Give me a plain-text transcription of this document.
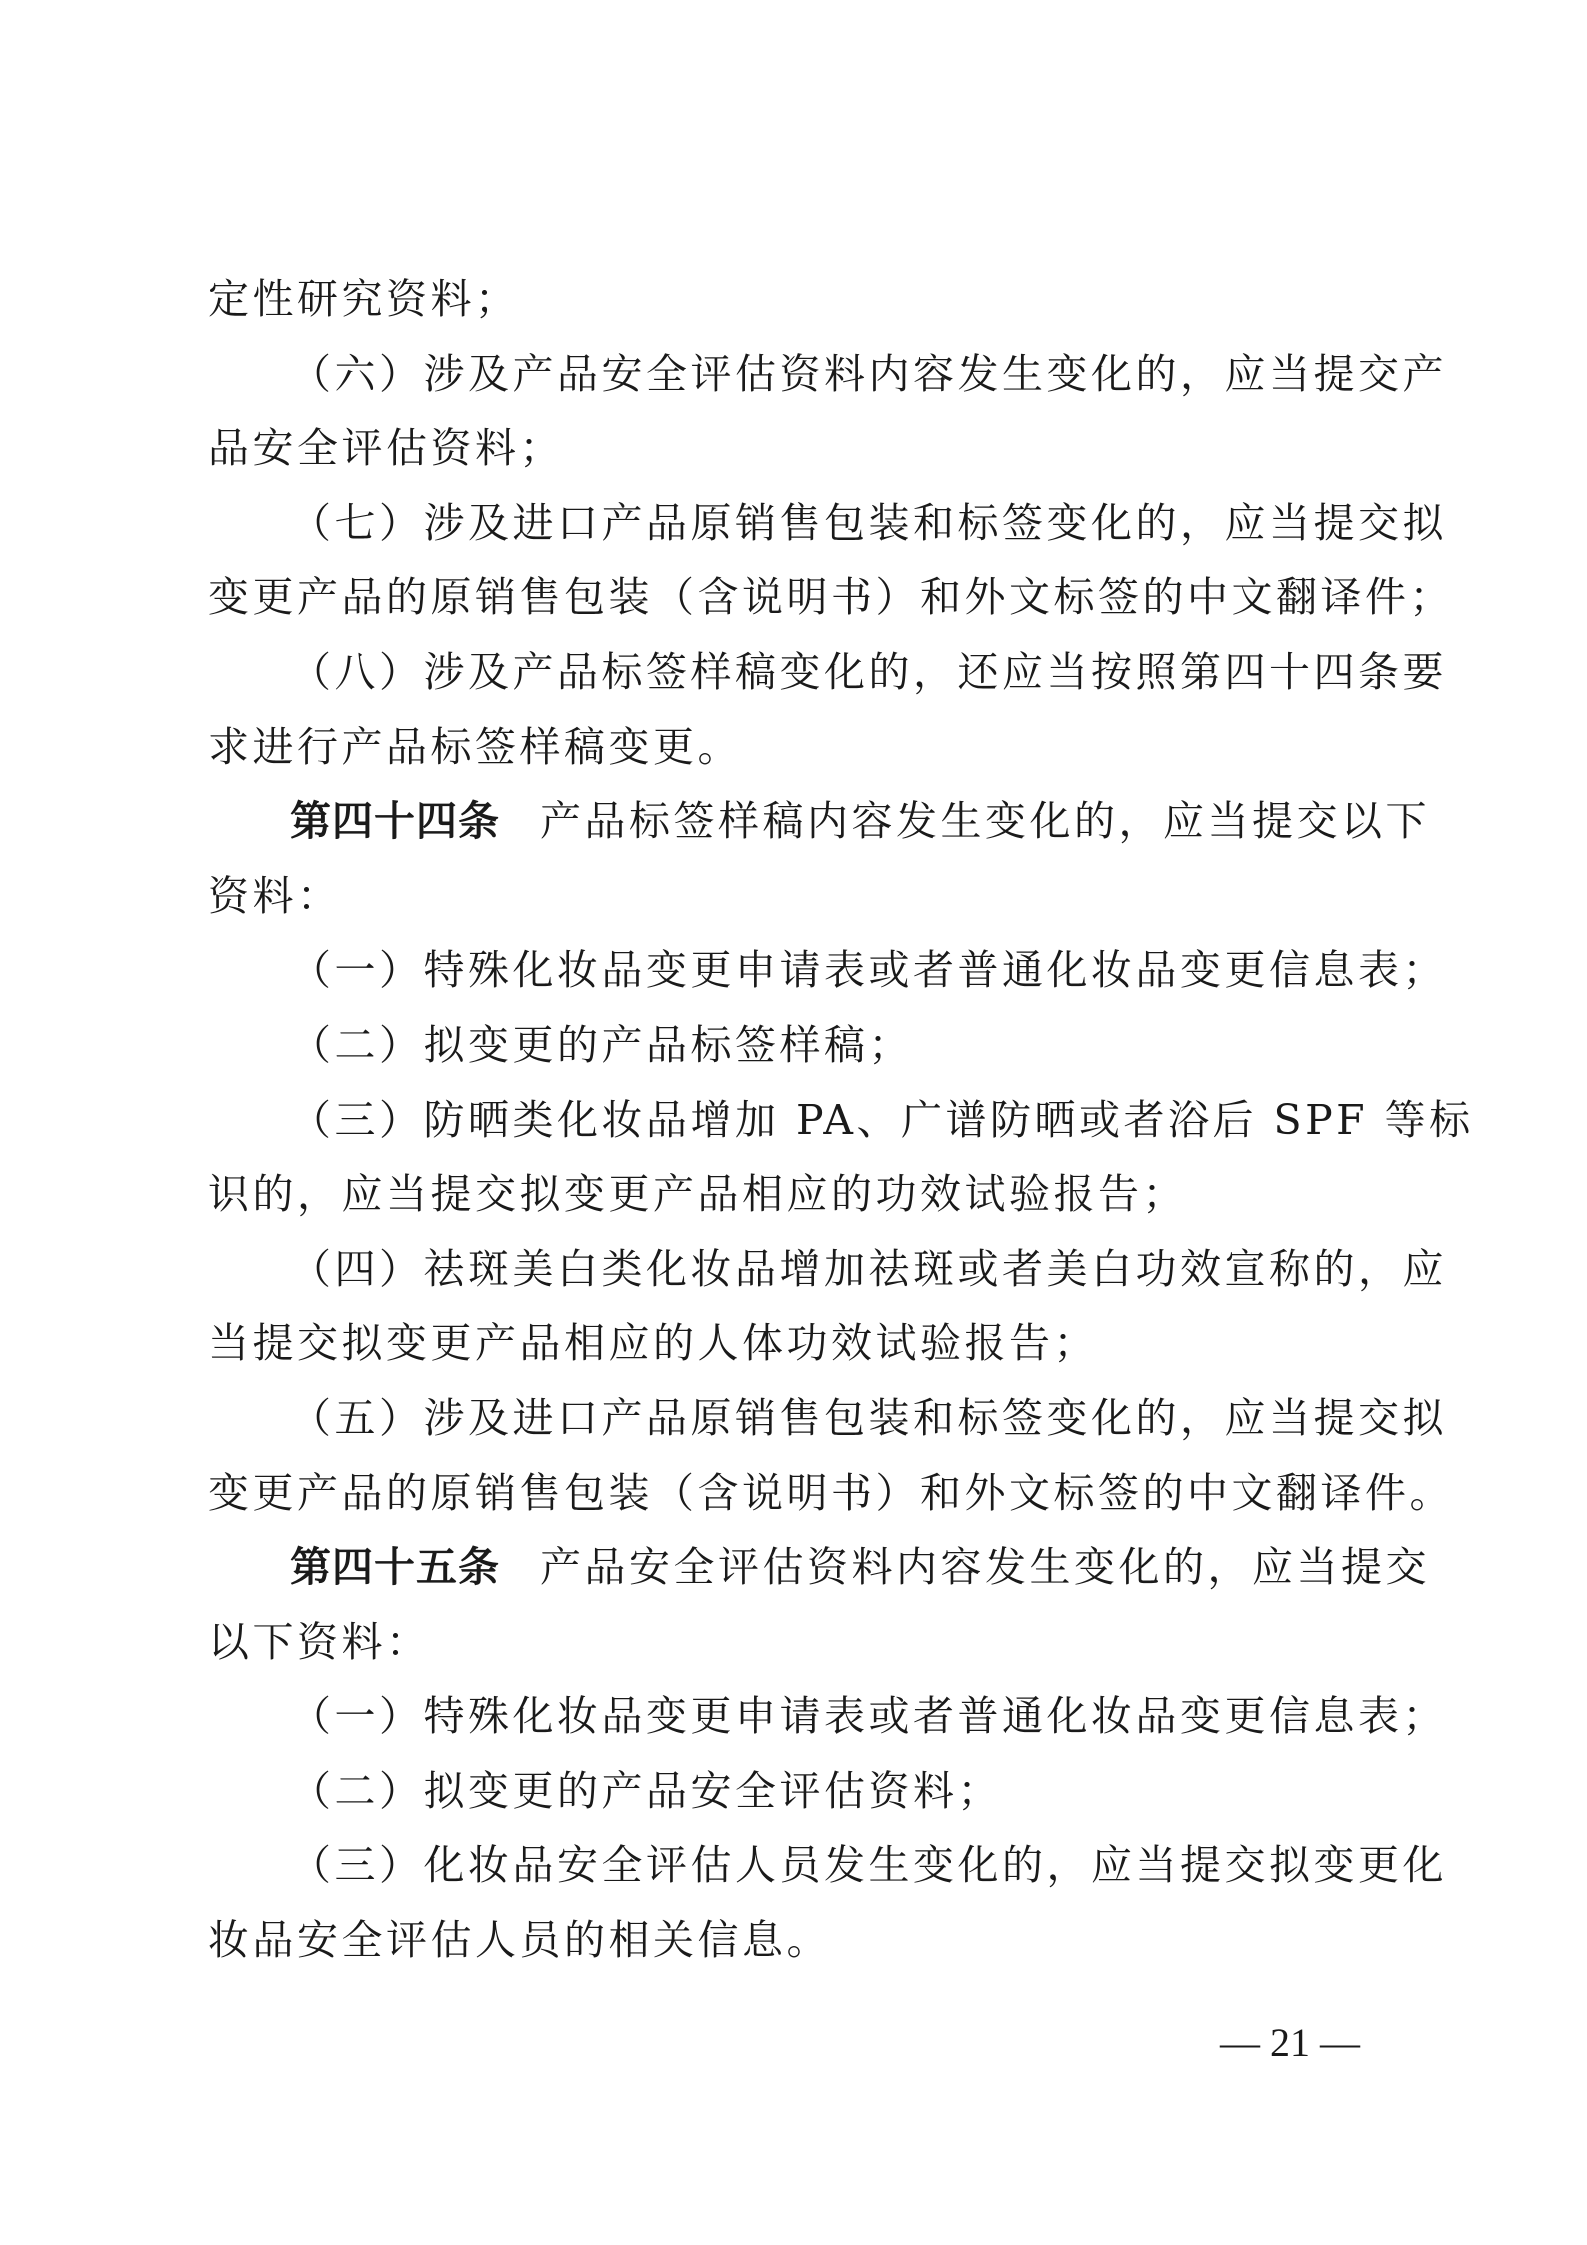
定性研究资料；
（六）涉及产品安全评估资料内容发生变化的，应当提交产
品安全评估资料；
（七）涉及进口产品原销售包装和标签变化的，应当提交拟
变更产品的原销售包装（含说明书）和外文标签的中文翻译件；
（八）涉及产品标签样稿变化的，还应当按照第四十四条要
求进行产品标签样稿变更。
第四十四条 产品标签样稿内容发生变化的，应当提交以下
资料：
（一）特殊化妆品变更申请表或者普通化妆品变更信息表；
（二）拟变更的产品标签样稿；
（三）防晒类化妆品增加 PA、广谱防晒或者浴后 SPF 等标
识的，应当提交拟变更产品相应的功效试验报告；
（四）祛斑美白类化妆品增加祛斑或者美白功效宣称的，应
当提交拟变更产品相应的人体功效试验报告；
（五）涉及进口产品原销售包装和标签变化的，应当提交拟
变更产品的原销售包装（含说明书）和外文标签的中文翻译件。
第四十五条 产品安全评估资料内容发生变化的，应当提交
以下资料：
（一）特殊化妆品变更申请表或者普通化妆品变更信息表；
（二）拟变更的产品安全评估资料；
（三）化妆品安全评估人员发生变化的，应当提交拟变更化
妆品安全评估人员的相关信息。
— 21 —
